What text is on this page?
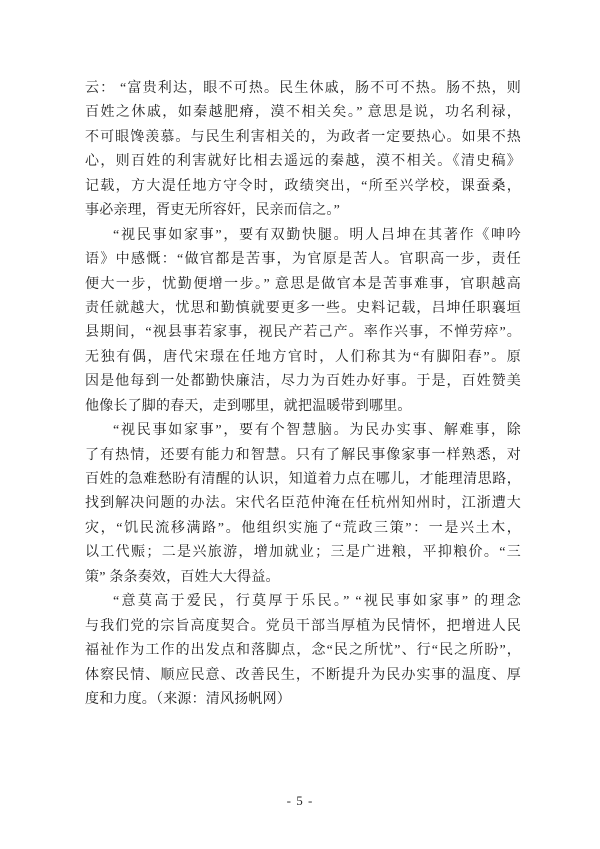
云： “富贵利达，眼不可热。民生休戚，肠不可不热。肠不热，则
百姓之休戚，如秦越肥瘠，漠不相关矣。” 意思是说，功名利禄，
不可眼馋羡慕。与民生利害相关的，为政者一定要热心。如果不热
心，则百姓的利害就好比相去遥远的秦越，漠不相关。《清史稿》
记载，方大湜任地方守令时，政绩突出，“所至兴学校，课蚕桑，
事必亲理，胥吏无所容奸，民亲而信之。”
“视民事如家事”，要有双勤快腿。明人吕坤在其著作《呻吟
语》中感慨：“做官都是苦事，为官原是苦人。官职高一步，责任
便大一步，忧勤便增一步。” 意思是做官本是苦事难事，官职越高
责任就越大，忧思和勤慎就要更多一些。史料记载，吕坤任职襄垣
县期间，“视县事若家事，视民产若己产。率作兴事，不惮劳瘁”。
无独有偶，唐代宋璟在任地方官时，人们称其为“有脚阳春”。原
因是他每到一处都勤快廉洁，尽力为百姓办好事。于是，百姓赞美
他像长了脚的春天，走到哪里，就把温暖带到哪里。
“视民事如家事”，要有个智慧脑。为民办实事、解难事，除
了有热情，还要有能力和智慧。只有了解民事像家事一样熟悉，对
百姓的急难愁盼有清醒的认识，知道着力点在哪儿，才能理清思路，
找到解决问题的办法。宋代名臣范仲淹在任杭州知州时，江浙遭大
灾，“饥民流移满路”。他组织实施了“荒政三策”：一是兴土木，
以工代赈；二是兴旅游，增加就业；三是广进粮，平抑粮价。“三
策” 条条奏效，百姓大大得益。
“意莫高于爱民，行莫厚于乐民。” “视民事如家事” 的理念
与我们党的宗旨高度契合。党员干部当厚植为民情怀，把增进人民
福祉作为工作的出发点和落脚点，念“民之所忧”、行“民之所盼”，
体察民情、顺应民意、改善民生，不断提升为民办实事的温度、厚
度和力度。（来源：清风扬帆网）
- 5 -
